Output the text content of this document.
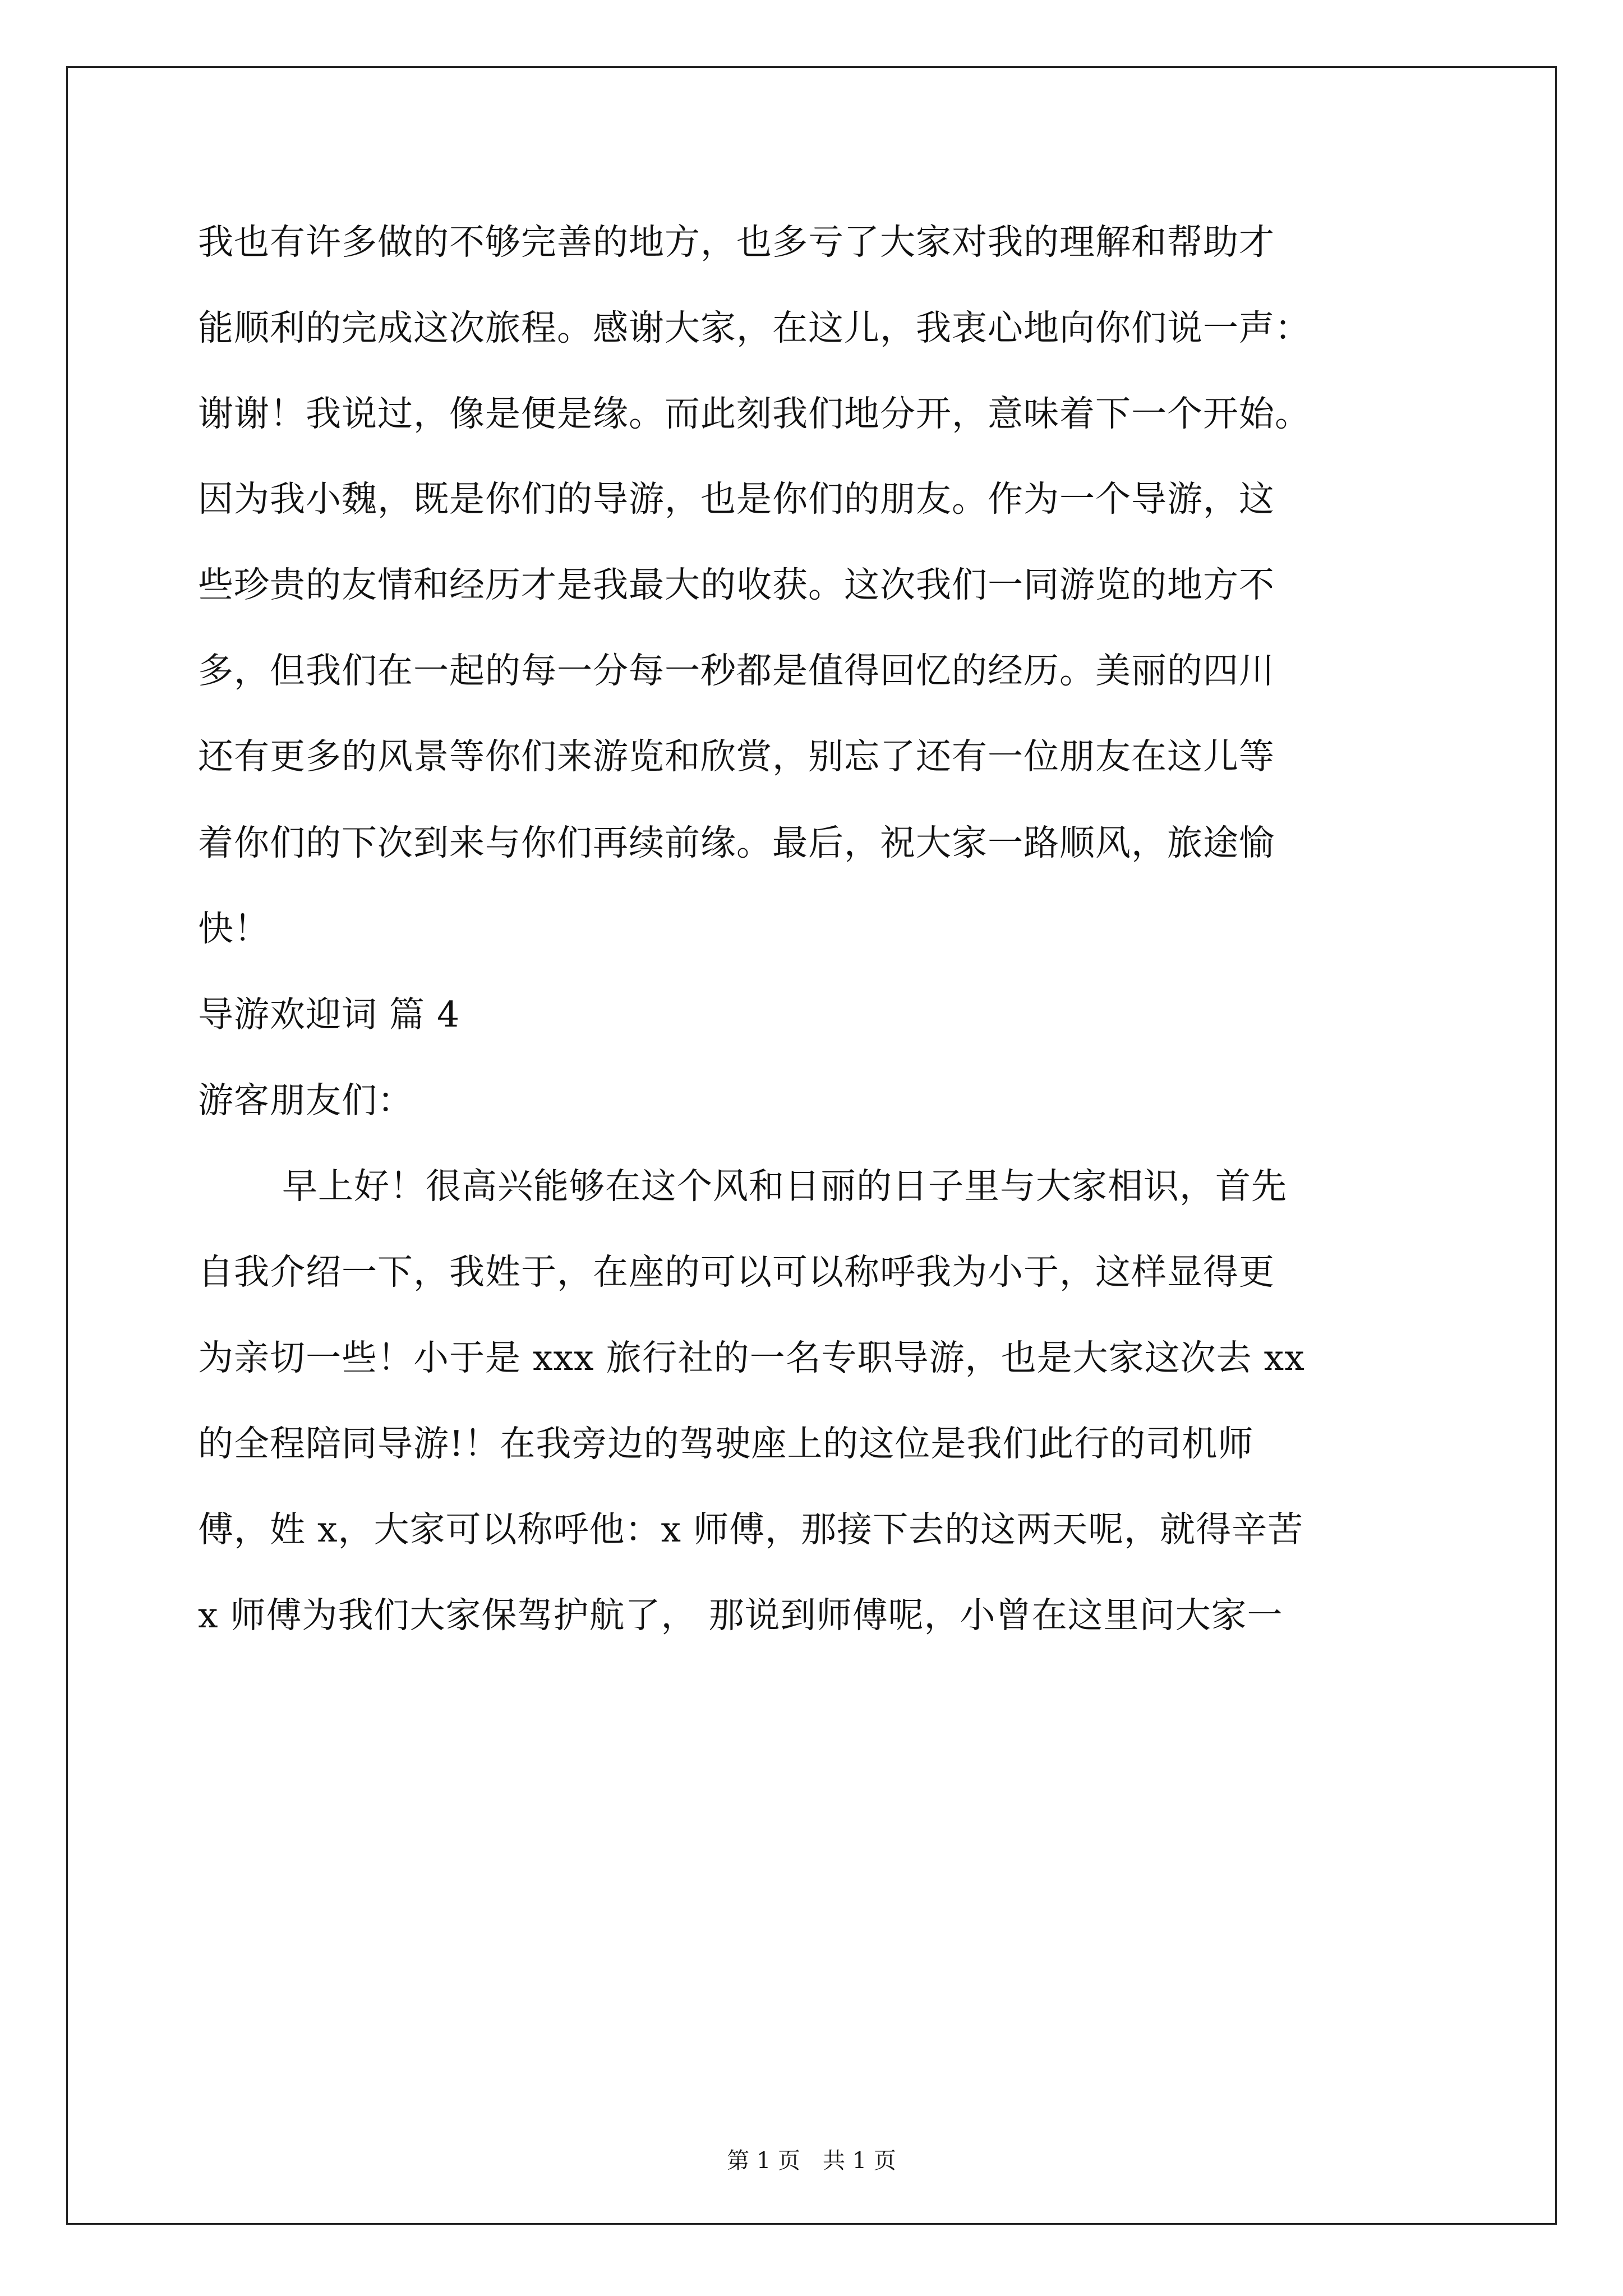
我也有许多做的不够完善的地方，也多亏了大家对我的理解和帮助才
能顺利的完成这次旅程。感谢大家，在这儿，我衷心地向你们说一声：
谢谢！我说过，像是便是缘。而此刻我们地分开，意味着下一个开始。
因为我小魏，既是你们的导游，也是你们的朋友。作为一个导游，这
些珍贵的友情和经历才是我最大的收获。这次我们一同游览的地方不
多，但我们在一起的每一分每一秒都是值得回忆的经历。美丽的四川
还有更多的风景等你们来游览和欣赏，别忘了还有一位朋友在这儿等
着你们的下次到来与你们再续前缘。最后，祝大家一路顺风，旅途愉
快！
导游欢迎词 篇 4
游客朋友们：
早上好！很高兴能够在这个风和日丽的日子里与大家相识，首先
自我介绍一下，我姓于，在座的可以可以称呼我为小于，这样显得更
为亲切一些！小于是 xxx 旅行社的一名专职导游，也是大家这次去 xx
的全程陪同导游!！在我旁边的驾驶座上的这位是我们此行的司机师
傅，姓 x，大家可以称呼他：x 师傅，那接下去的这两天呢，就得辛苦
x 师傅为我们大家保驾护航了， 那说到师傅呢，小曾在这里问大家一
第 1 页 共 1 页
